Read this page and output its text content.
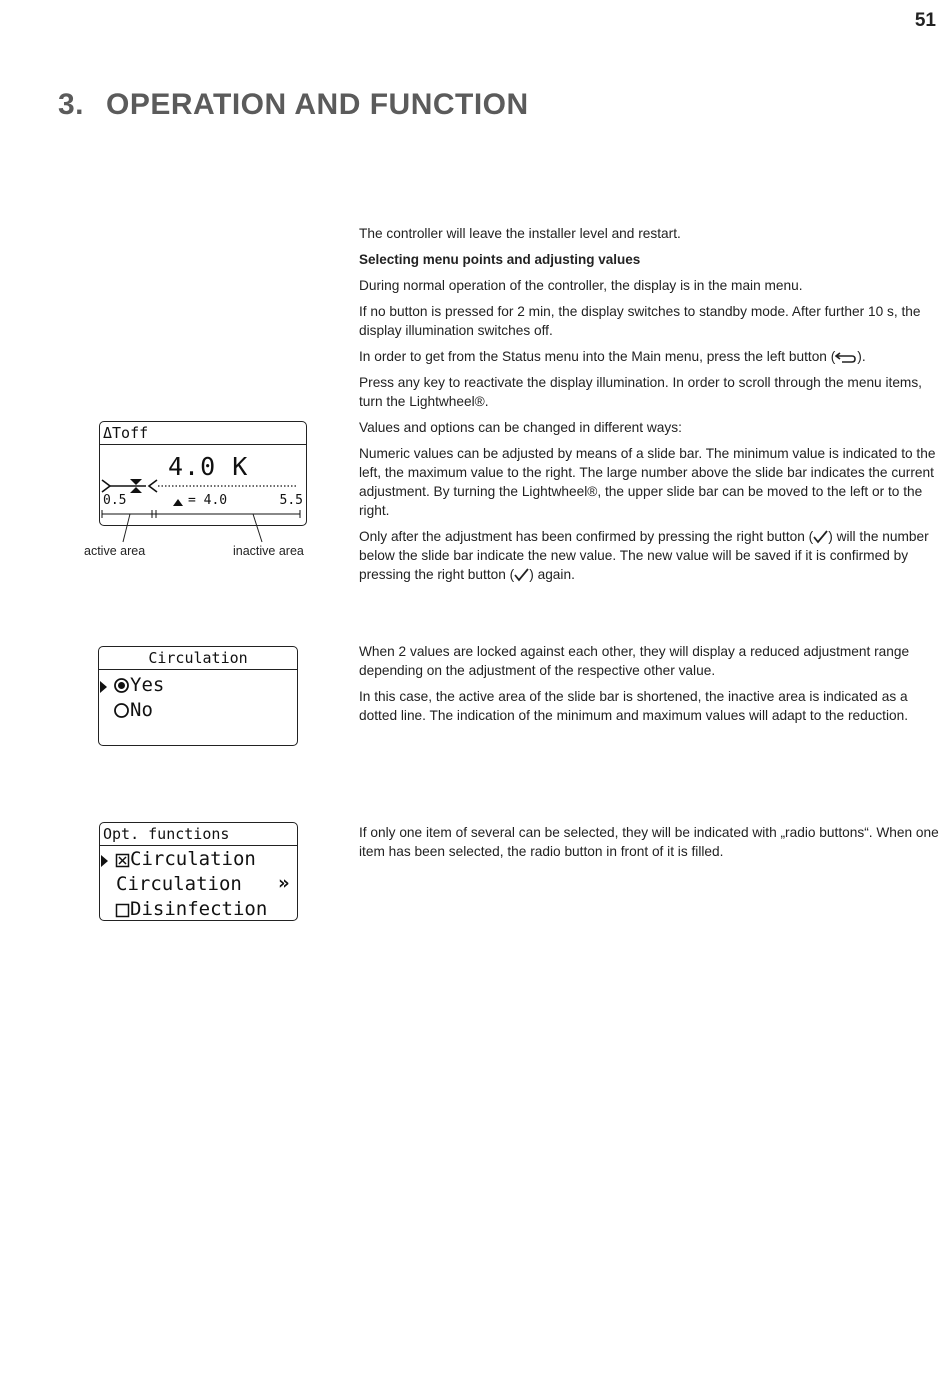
51
3. OPERATION AND FUNCTION

The controller will leave the installer level and restart.

Selecting menu points and adjusting values

During normal operation of the controller, the display is in the main menu.

If no button is pressed for 2 min, the display switches to standby mode. After further 10 s, the display illumination switches off.

In order to get from the Status menu into the Main menu, press the left button ( ).

Press any key to reactivate the display illumination. In order to scroll through the menu items, turn the Lightwheel®.

Values and options can be changed in different ways:

Numeric values can be adjusted by means of a slide bar. The minimum value is indicated to the left, the maximum value to the right. The large number above the slide bar indicates the current adjustment. By turning the Lightwheel®, the upper slide bar can be moved to the left or to the right.

Only after the adjustment has been confirmed by pressing the right button ( ) will the number below the slide bar indicate the new value. The new value will be saved if it is confirmed by pressing the right button ( ) again.

When 2 values are locked against each other, they will display a reduced adjustment range depending on the adjustment of the respective other value.

In this case, the active area of the slide bar is shortened, the inactive area is indicated as a dotted line. The indication of the minimum and maximum values will adapt to the reduction.

If only one item of several can be selected, they will be indicated with „radio buttons“. When one item has been selected, the radio button in front of it is filled.

ΔToff
4.0 K
0.5	= 4.0	5.5
active area	inactive area
Circulation
Yes
No
Opt. functions
Circulation
Circulation »
Disinfection
